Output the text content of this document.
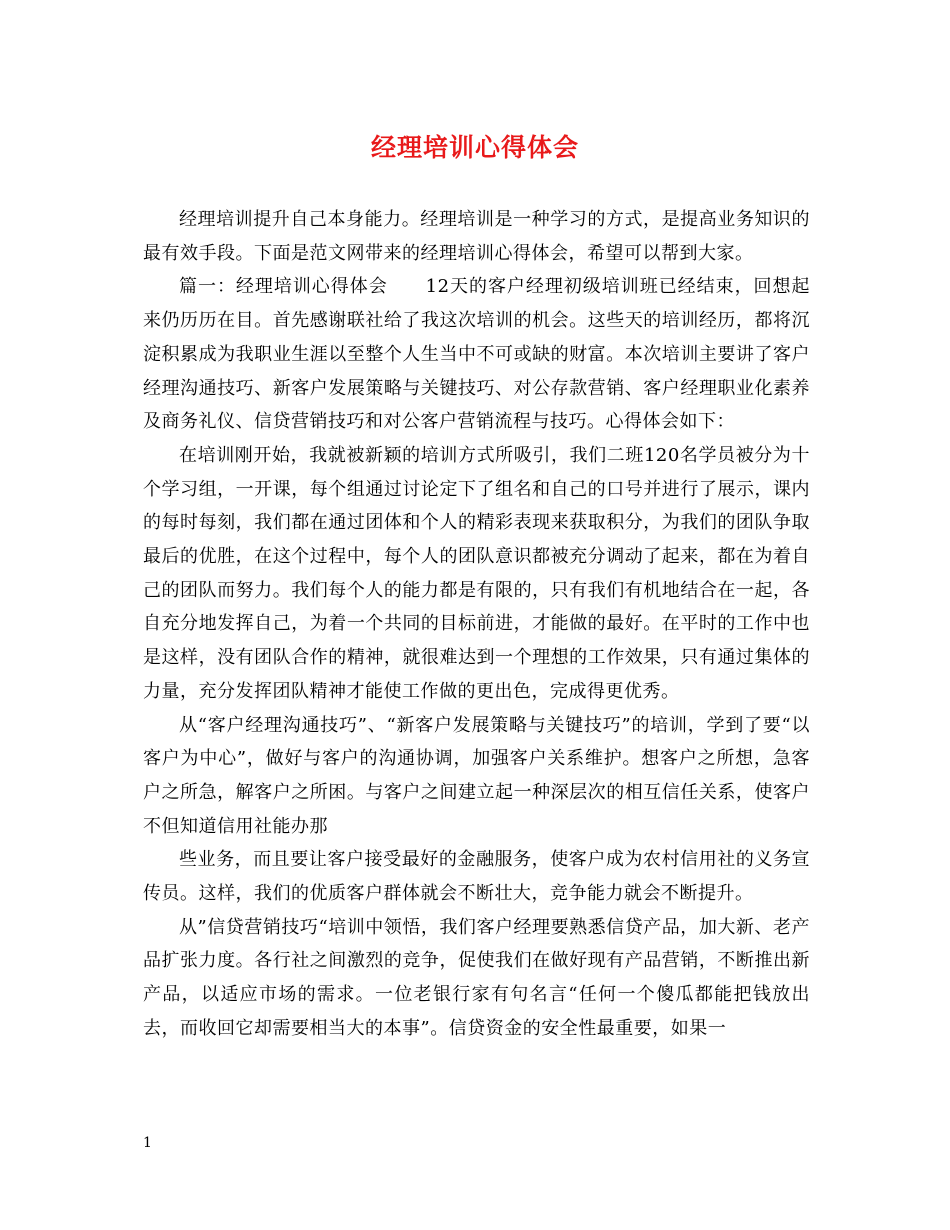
经理培训心得体会

经理培训提升自己本身能力。经理培训是一种学习的方式，是提高业务知识的最有效手段。下面是范文网带来的经理培训心得体会，希望可以帮到大家。

篇一：经理培训心得体会　　12天的客户经理初级培训班已经结束，回想起来仍历历在目。首先感谢联社给了我这次培训的机会。这些天的培训经历，都将沉淀积累成为我职业生涯以至整个人生当中不可或缺的财富。本次培训主要讲了客户经理沟通技巧、新客户发展策略与关键技巧、对公存款营销、客户经理职业化素养及商务礼仪、信贷营销技巧和对公客户营销流程与技巧。心得体会如下：

在培训刚开始，我就被新颖的培训方式所吸引，我们二班120名学员被分为十个学习组，一开课，每个组通过讨论定下了组名和自己的口号并进行了展示，课内的每时每刻，我们都在通过团体和个人的精彩表现来获取积分，为我们的团队争取最后的优胜，在这个过程中，每个人的团队意识都被充分调动了起来，都在为着自己的团队而努力。我们每个人的能力都是有限的，只有我们有机地结合在一起，各自充分地发挥自己，为着一个共同的目标前进，才能做的最好。在平时的工作中也是这样，没有团队合作的精神，就很难达到一个理想的工作效果，只有通过集体的力量，充分发挥团队精神才能使工作做的更出色，完成得更优秀。

从“客户经理沟通技巧”、“新客户发展策略与关键技巧”的培训，学到了要“以客户为中心”，做好与客户的沟通协调，加强客户关系维护。想客户之所想，急客户之所急，解客户之所困。与客户之间建立起一种深层次的相互信任关系，使客户不但知道信用社能办那

些业务，而且要让客户接受最好的金融服务，使客户成为农村信用社的义务宣传员。这样，我们的优质客户群体就会不断壮大，竞争能力就会不断提升。

从”信贷营销技巧“培训中领悟，我们客户经理要熟悉信贷产品，加大新、老产品扩张力度。各行社之间激烈的竞争，促使我们在做好现有产品营销，不断推出新产品，以适应市场的需求。一位老银行家有句名言“任何一个傻瓜都能把钱放出去，而收回它却需要相当大的本事”。信贷资金的安全性最重要，如果一

1
